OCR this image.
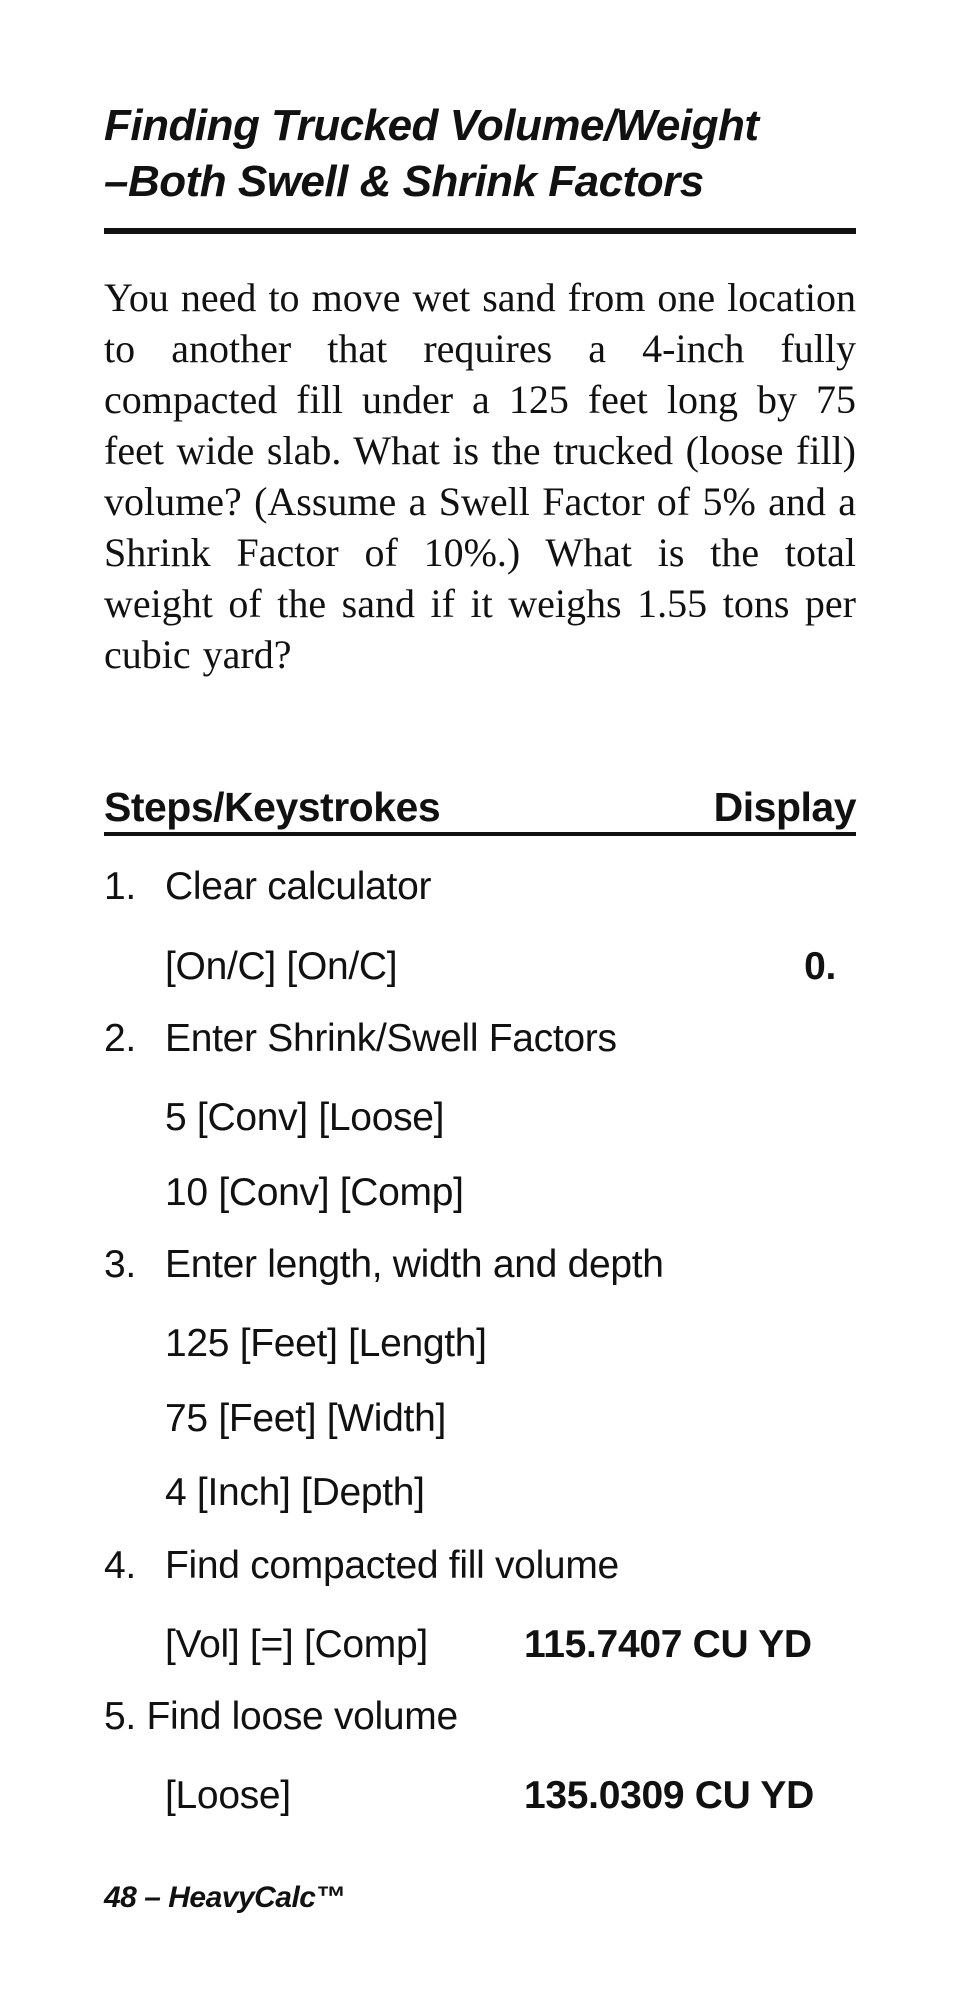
Finding Trucked Volume/Weight
–Both Swell & Shrink Factors
You need to move wet sand from one location to another that requires a 4-inch fully compacted fill under a 125 feet long by 75 feet wide slab. What is the trucked (loose fill) volume? (Assume a Swell Factor of 5% and a Shrink Factor of 10%.) What is the total weight of the sand if it weighs 1.55 tons per cubic yard?
Steps/Keystrokes	Display
1. Clear calculator
[On/C] [On/C]	0.
2. Enter Shrink/Swell Factors
5 [Conv] [Loose]
10 [Conv] [Comp]
3. Enter length, width and depth
125 [Feet] [Length]
75 [Feet] [Width]
4 [Inch] [Depth]
4. Find compacted fill volume
[Vol] [=] [Comp] 115.7407 CU YD
5. Find loose volume
[Loose]	135.0309 CU YD
48 – HeavyCalc™
